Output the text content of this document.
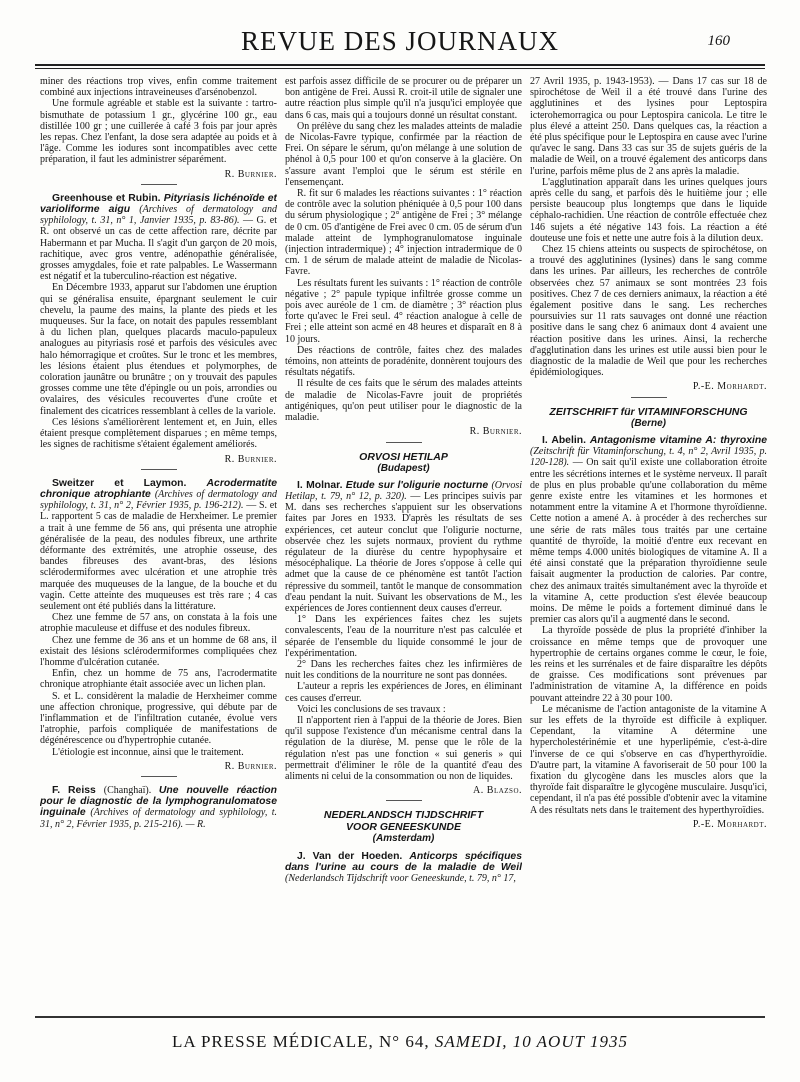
REVUE DES JOURNAUX	160

miner des réactions trop vives, enfin comme traitement combiné aux injections intraveineuses d'arsénobenzol.

Une formule agréable et stable est la suivante : tartro-bismuthate de potassium 1 gr., glycérine 100 gr., eau distillée 100 gr ; une cuillerée à café 3 fois par jour après les repas. Chez l'enfant, la dose sera adaptée au poids et à l'âge. Comme les iodures sont incompatibles avec cette préparation, il faut les administrer séparément.

R. Burnier.

Greenhouse et Rubin. Pityriasis lichénoïde et varioliforme aigu (Archives of dermatology and syphilology, t. 31, n° 1, Janvier 1935, p. 83-86). — G. et R. ont observé un cas de cette affection rare, décrite par Habermann et par Mucha. Il s'agit d'un garçon de 20 mois, rachitique, avec gros ventre, adénopathie généralisée, grosses amygdales, foie et rate palpables. Le Wassermann est négatif et la tuberculino-réaction est négative.

En Décembre 1933, apparut sur l'abdomen une éruption qui se généralisa ensuite, épargnant seulement le cuir chevelu, la paume des mains, la plante des pieds et les muqueuses. Sur la face, on notait des papules ressemblant à du lichen plan, quelques placards maculo-papuleux analogues au pityriasis rosé et parfois des vésicules avec halo hémorragique et croûtes. Sur le tronc et les membres, les lésions étaient plus étendues et polymorphes, de coloration jaunâtre ou brunâtre ; on y trouvait des papules grosses comme une tête d'épingle ou un pois, arrondies ou ovalaires, des vésicules recouvertes d'une croûte et finalement des cicatrices ressemblant à celles de la variole.

Ces lésions s'améliorèrent lentement et, en Juin, elles étaient presque complètement disparues ; en même temps, les signes de rachitisme s'étaient également améliorés.

R. Burnier.

Sweitzer et Laymon. Acrodermatite chronique atrophiante (Archives of dermatology and syphilology, t. 31, n° 2, Février 1935, p. 196-212). — S. et L. rapportent 5 cas de maladie de Herxheimer. Le premier a trait à une femme de 56 ans, qui présenta une atrophie généralisée de la peau, des nodules fibreux, une arthrite déformante des extrémités, une atrophie osseuse, des bandes fibreuses des avant-bras, des lésions sclérodermiformes avec ulcération et une atrophie très marquée des muqueuses de la langue, de la bouche et du vagin. Cette atteinte des muqueuses est très rare ; 4 cas seulement ont été publiés dans la littérature.

Chez une femme de 57 ans, on constata à la fois une atrophie maculeuse et diffuse et des nodules fibreux.

Chez une femme de 36 ans et un homme de 68 ans, il existait des lésions sclérodermiformes compliquées chez l'homme d'ulcération cutanée.

Enfin, chez un homme de 75 ans, l'acrodermatite chronique atrophiante était associée avec un lichen plan.

S. et L. considèrent la maladie de Herxheimer comme une affection chronique, progressive, qui débute par de l'inflammation et de l'infiltration cutanée, évolue vers l'atrophie, parfois compliquée de manifestations de dégénérescence ou d'hypertrophie cutanée.

L'étiologie est inconnue, ainsi que le traitement.

R. Burnier.

F. Reiss (Changhaï). Une nouvelle réaction pour le diagnostic de la lymphogranulomatose inguinale (Archives of dermatology and syphilology, t. 31, n° 2, Février 1935, p. 215-216). — R.

est parfois assez difficile de se procurer ou de préparer un bon antigène de Frei. Aussi R. croit-il utile de signaler une autre réaction plus simple qu'il n'a jusqu'ici employée que dans 6 cas, mais qui a toujours donné un résultat constant.

On prélève du sang chez les malades atteints de maladie de Nicolas-Favre typique, confirmée par la réaction de Frei. On sépare le sérum, qu'on mélange à une solution de phénol à 0,5 pour 100 et qu'on conserve à la glacière. On s'assure avant l'emploi que le sérum est stérile en l'ensemençant.

R. fit sur 6 malades les réactions suivantes : 1° réaction de contrôle avec la solution phéniquée à 0,5 pour 100 dans du sérum physiologique ; 2° antigène de Frei ; 3° mélange de 0 cm. 05 d'antigène de Frei avec 0 cm. 05 de sérum d'un malade atteint de lymphogranulomatose inguinale (injection intradermique) ; 4° injection intradermique de 0 cm. 1 de sérum de malade atteint de maladie de Nicolas-Favre.

Les résultats furent les suivants : 1° réaction de contrôle négative ; 2° papule typique infiltrée grosse comme un pois avec auréole de 1 cm. de diamètre ; 3° réaction plus forte qu'avec le Frei seul. 4° réaction analogue à celle de Frei ; elle atteint son acmé en 48 heures et disparaît en 8 à 10 jours.

Des réactions de contrôle, faites chez des malades témoins, non atteints de poradénite, donnèrent toujours des résultats négatifs.

Il résulte de ces faits que le sérum des malades atteints de maladie de Nicolas-Favre jouit de propriétés antigéniques, qu'on peut utiliser pour le diagnostic de la maladie.

R. Burnier.

ORVOSI HETILAP

(Budapest)

I. Molnar. Etude sur l'oligurie nocturne (Orvosi Hetilap, t. 79, n° 12, p. 320). — Les principes suivis par M. dans ses recherches s'appuient sur les observations faites par Jores en 1933. D'après les résultats de ses expériences, cet auteur conclut que l'oligurie nocturne, observée chez les sujets normaux, provient du rythme régulateur de la diurèse du centre hypophysaire et mésocéphalique. La théorie de Jores s'oppose à celle qui admet que la cause de ce phénomène est tantôt l'action répressive du sommeil, tantôt le manque de consommation d'eau pendant la nuit. Suivant les observations de M., les expériences de Jores contiennent deux causes d'erreur.

1° Dans les expériences faites chez les sujets convalescents, l'eau de la nourriture n'est pas calculée et séparée de l'ensemble du liquide consommé le jour de l'expérimentation.

2° Dans les recherches faites chez les infirmières de nuit les conditions de la nourriture ne sont pas données.

L'auteur a repris les expériences de Jores, en éliminant ces causes d'erreur.

Voici les conclusions de ses travaux :

Il n'apportent rien à l'appui de la théorie de Jores. Bien qu'il suppose l'existence d'un mécanisme central dans la régulation de la diurèse, M. pense que le rôle de la régulation n'est pas une fonction « sui generis » qui permettrait d'éliminer le rôle de la quantité d'eau des aliments ni celui de la consommation ou non de liquides.

A. Blazso.

NEDERLANDSCH TIJDSCHRIFT

VOOR GENEESKUNDE

(Amsterdam)

J. Van der Hoeden. Anticorps spécifiques dans l'urine au cours de la maladie de Weil (Nederlandsch Tijdschrift voor Geneeskunde, t. 79, n° 17,

27 Avril 1935, p. 1943-1953). — Dans 17 cas sur 18 de spirochétose de Weil il a été trouvé dans l'urine des agglutinines et des lysines pour Leptospira icterohemorragica ou pour Leptospira canicola. Le titre le plus élevé a atteint 250. Dans quelques cas, la réaction a été plus spécifique pour le Leptospira en cause avec l'urine qu'avec le sang. Dans 33 cas sur 35 de sujets guéris de la maladie de Weil, on a trouvé également des anticorps dans l'urine, parfois même plus de 2 ans après la maladie.

L'agglutination apparaît dans les urines quelques jours après celle du sang, et parfois dès le huitième jour ; elle persiste beaucoup plus longtemps que dans le liquide céphalo-rachidien. Une réaction de contrôle effectuée chez 146 sujets a été négative 143 fois. La réaction a été douteuse une fois et nette une autre fois à la dilution deux.

Chez 15 chiens atteints ou suspects de spirochétose, on a trouvé des agglutinines (lysines) dans le sang comme dans les urines. Par ailleurs, les recherches de contrôle observées chez 57 animaux se sont montrées 23 fois positives. Chez 7 de ces derniers animaux, la réaction a été également positive dans le sang. Les recherches poursuivies sur 11 rats sauvages ont donné une réaction positive dans le sang chez 6 animaux dont 4 avaient une réaction positive dans les urines. Ainsi, la recherche d'agglutination dans les urines est utile aussi bien pour le diagnostic de la maladie de Weil que pour les recherches épidémiologiques.

P.-E. Morhardt.

ZEITSCHRIFT für VITAMINFORSCHUNG

(Berne)

I. Abelin. Antagonisme vitamine A: thyroxine (Zeitschrift für Vitaminforschung, t. 4, n° 2, Avril 1935, p. 120-128). — On sait qu'il existe une collaboration étroite entre les sécrétions internes et le système nerveux. Il paraît de plus en plus probable qu'une collaboration du même genre existe entre les vitamines et les hormones et notamment entre la vitamine A et l'hormone thyroïdienne. Cette notion a amené A. à procéder à des recherches sur une série de rats mâles tous traités par une certaine quantité de thyroïde, la moitié d'entre eux recevant en même temps 4.000 unités biologiques de vitamine A. Il a été ainsi constaté que la préparation thyroïdienne seule faisait augmenter la production de calories. Par contre, chez des animaux traités simultanément avec la thyroïde et la vitamine A, cette production s'est élevée beaucoup moins. De même le poids a fortement diminué dans le premier cas alors qu'il a augmenté dans le second.

La thyroïde possède de plus la propriété d'inhiber la croissance en même temps que de provoquer une hypertrophie de certains organes comme le cœur, le foie, les reins et les surrénales et de faire disparaître les dépôts de graisse. Ces modifications sont prévenues par l'administration de vitamine A, la différence en poids pouvant atteindre 22 à 30 pour 100.

Le mécanisme de l'action antagoniste de la vitamine A sur les effets de la thyroïde est difficile à expliquer. Cependant, la vitamine A détermine une hypercholestérinémie et une hyperlipémie, c'est-à-dire l'inverse de ce qui s'observe en cas d'hyperthyroïdie. D'autre part, la vitamine A favoriserait de 50 pour 100 la fixation du glycogène dans les muscles alors que la thyroïde fait disparaître le glycogène musculaire. Jusqu'ici, cependant, il n'a pas été possible d'obtenir avec la vitamine A des résultats nets dans le traitement des hyperthyroïdies.

P.-E. Morhardt.

LA PRESSE MÉDICALE, N° 64, SAMEDI, 10 AOUT 1935
